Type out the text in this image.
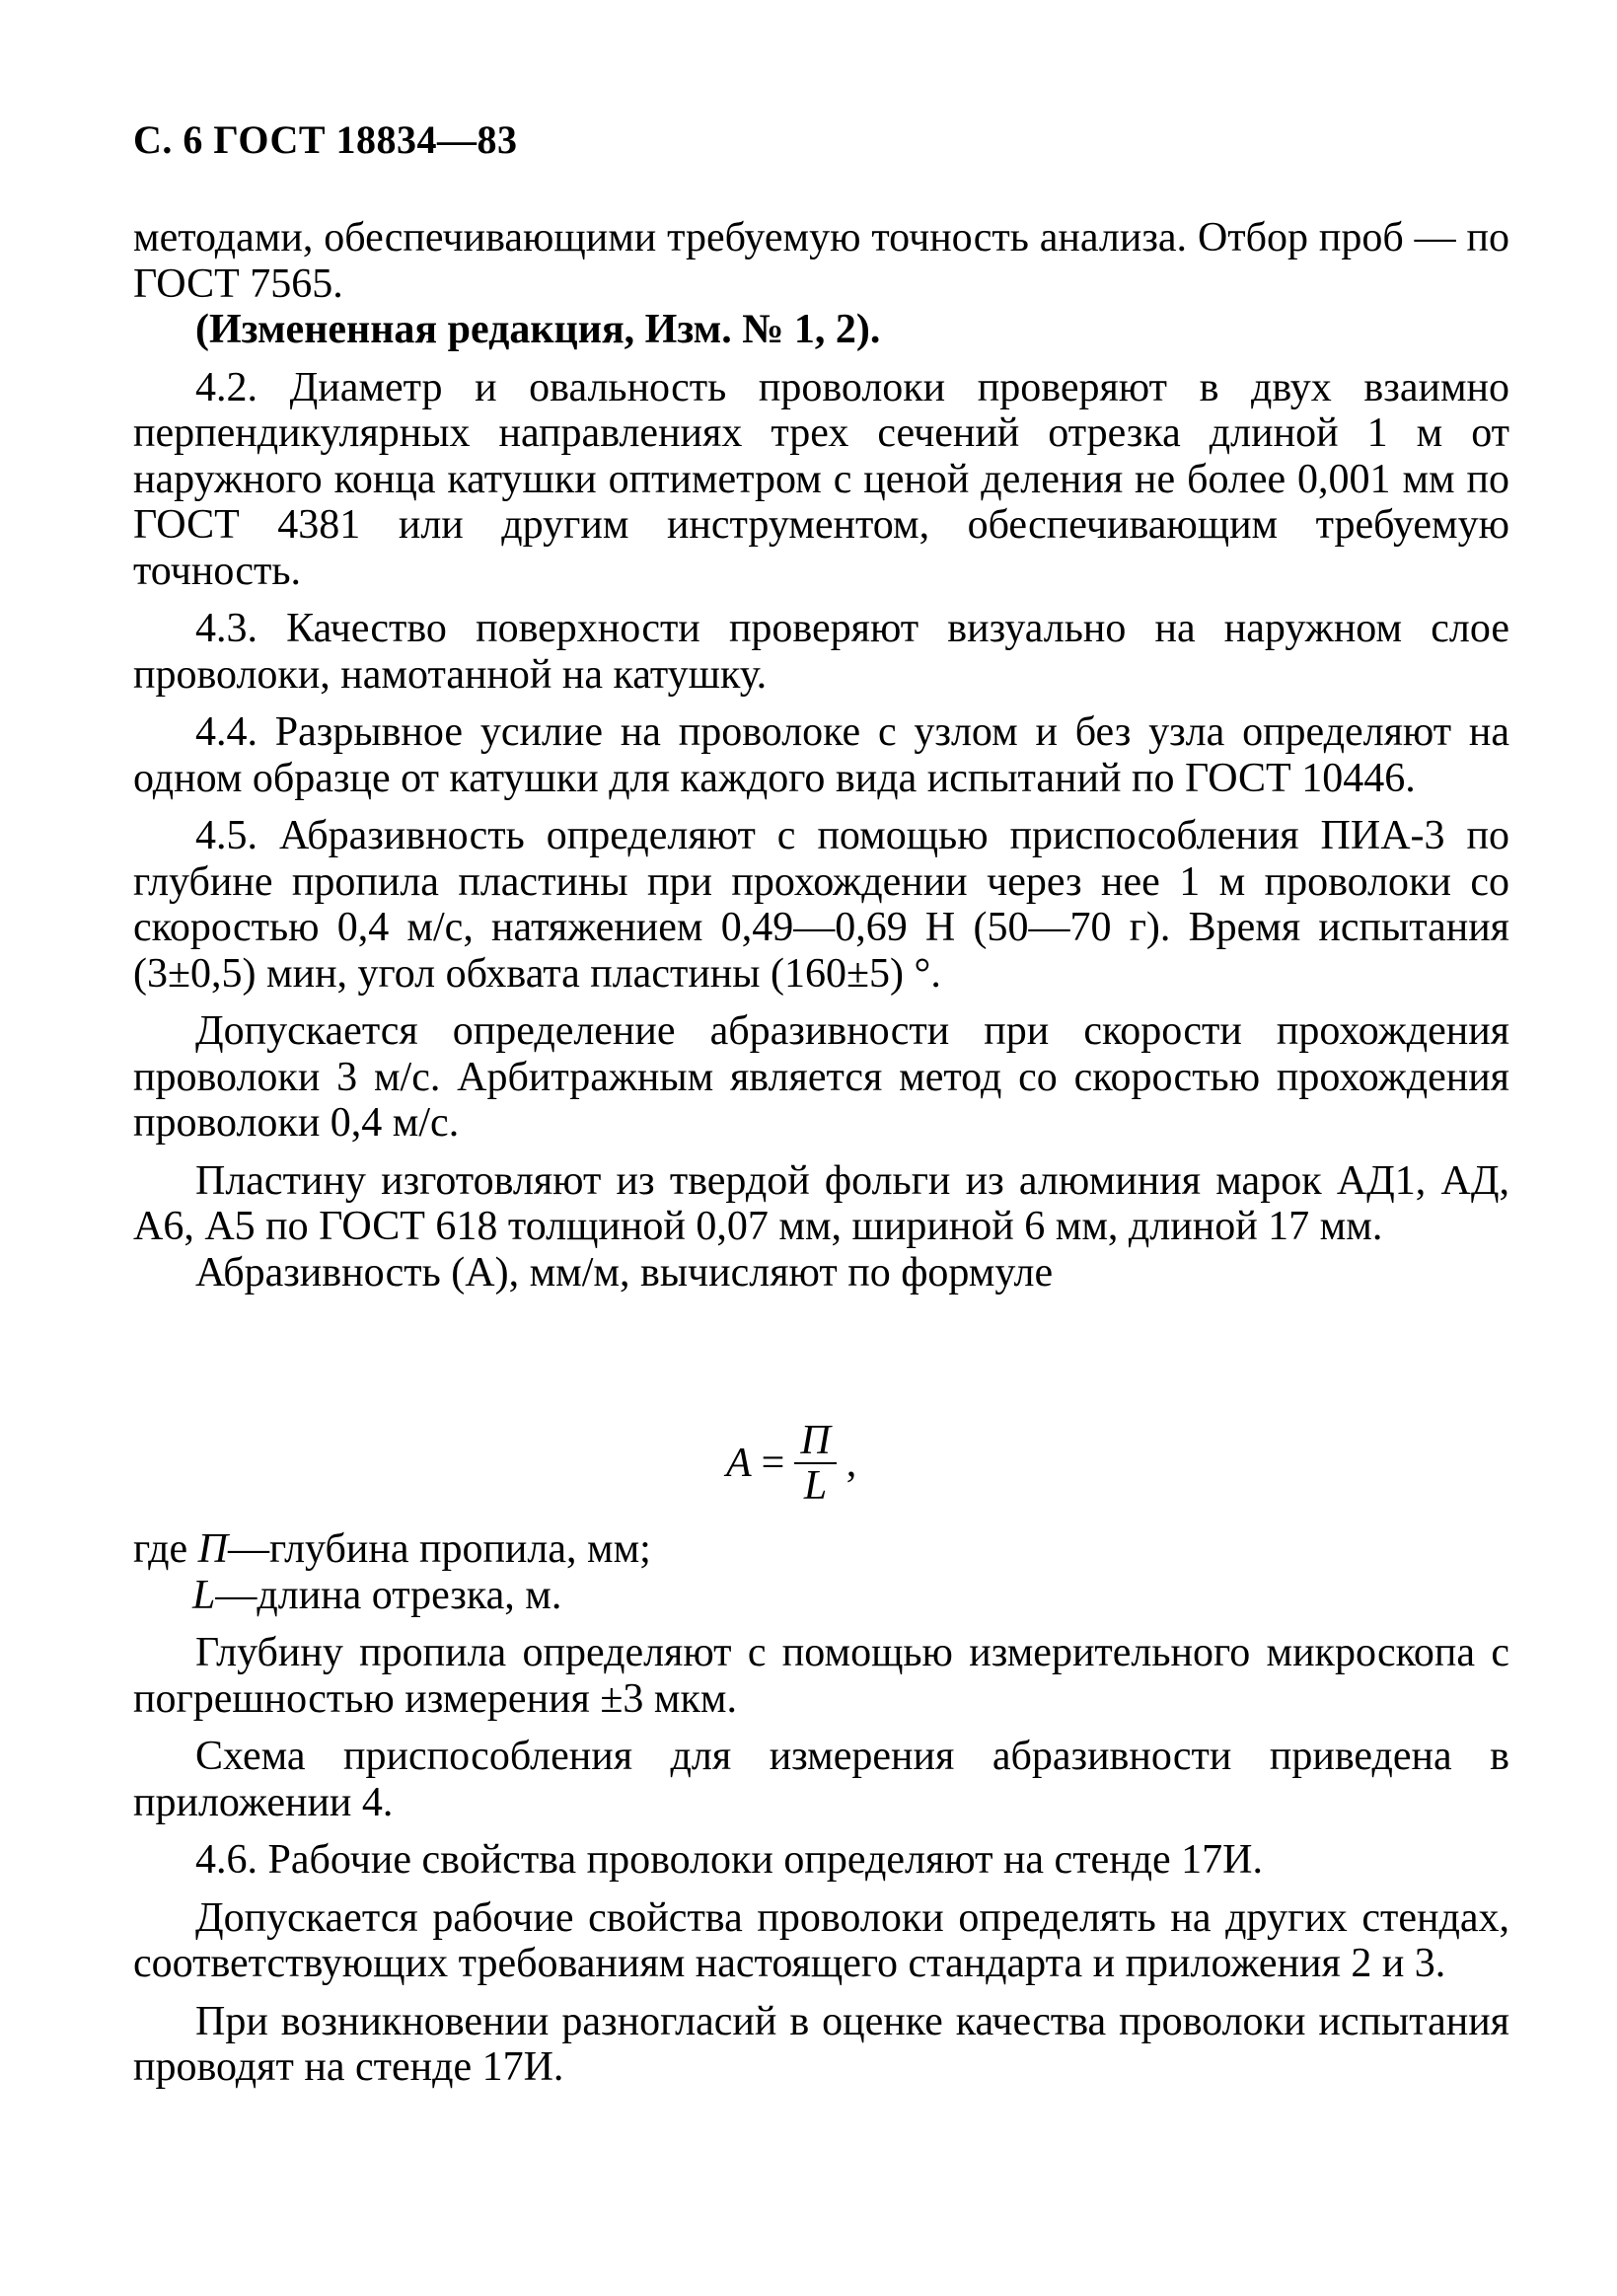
С. 6 ГОСТ 18834—83

методами, обеспечивающими требуемую точность анализа. Отбор проб — по ГОСТ 7565.

(Измененная редакция, Изм. № 1, 2).

4.2. Диаметр и овальность проволоки проверяют в двух взаимно перпендикулярных направлениях трех сечений отрезка длиной 1 м от наружного конца катушки оптиметром с ценой деления не более 0,001 мм по ГОСТ 4381 или другим инструментом, обеспечивающим требуемую точность.

4.3. Качество поверхности проверяют визуально на наружном слое проволоки, намотанной на катушку.

4.4. Разрывное усилие на проволоке с узлом и без узла определяют на одном образце от катушки для каждого вида испытаний по ГОСТ 10446.

4.5. Абразивность определяют с помощью приспособления ПИА-3 по глубине пропила пластины при прохождении через нее 1 м проволоки со скоростью 0,4 м/с, натяжением 0,49—0,69 Н (50—70 г). Время испытания (3±0,5) мин, угол обхвата пластины (160±5) °.

Допускается определение абразивности при скорости прохождения проволоки 3 м/с. Арбитражным является метод со скоростью прохождения проволоки 0,4 м/с.

Пластину изготовляют из твердой фольги из алюминия марок АД1, АД, А6, А5 по ГОСТ 618 толщиной 0,07 мм, шириной 6 мм, длиной 17 мм.

Абразивность (А), мм/м, вычисляют по формуле

$A = \frac{П}{L}$ ,
где
П —глубина пропила, мм;
L —длина отрезка, м.

Глубину пропила определяют с помощью измерительного микроскопа с погрешностью измерения ±3 мкм.

Схема приспособления для измерения абразивности приведена в приложении 4.

4.6. Рабочие свойства проволоки определяют на стенде 17И.

Допускается рабочие свойства проволоки определять на других стендах, соответствующих требованиям настоящего стандарта и приложения 2 и 3.

При возникновении разногласий в оценке качества проволоки испытания проводят на стенде 17И.
